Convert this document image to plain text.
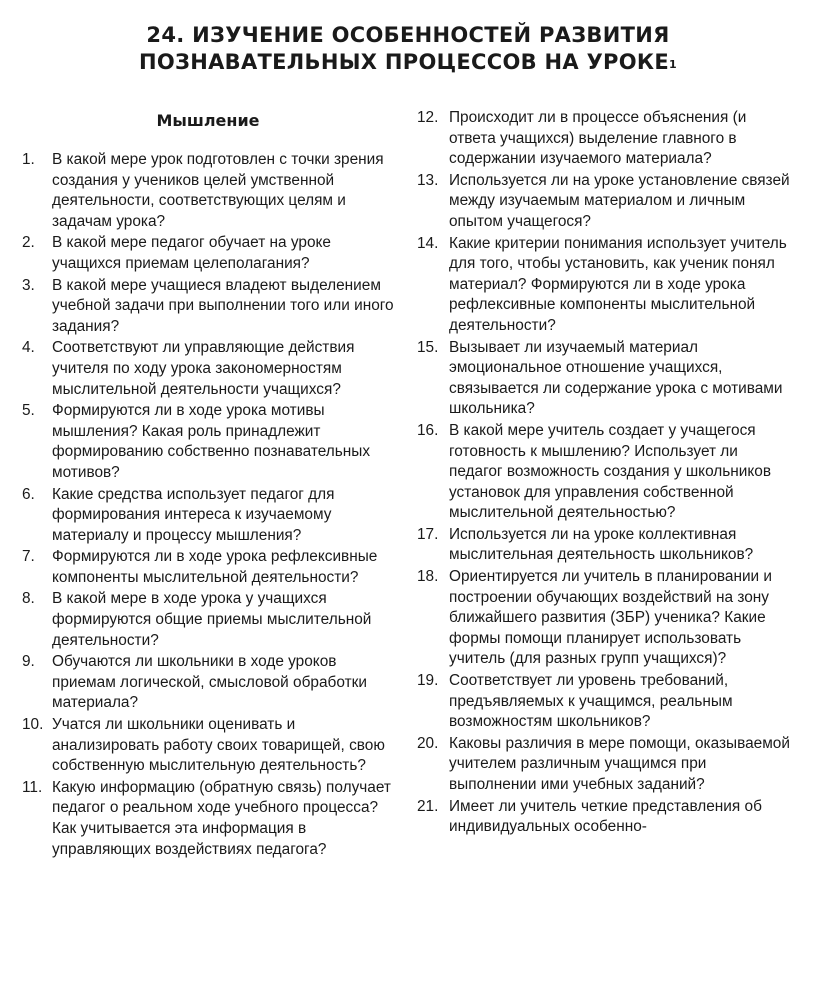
24. ИЗУЧЕНИЕ ОСОБЕННОСТЕЙ РАЗВИТИЯ
ПОЗНАВАТЕЛЬНЫХ ПРОЦЕССОВ НА УРОКЕ$^1$
Мышление
1.	В какой мере урок подготовлен с точки зрения создания у учеников целей умственной деятельности, соответствующих целям и задачам урока?
2.	В какой мере педагог обучает на уроке учащихся приемам целеполагания?
3.	В какой мере учащиеся владеют выделением учебной задачи при выполнении того или иного задания?
4.	Соответствуют ли управляющие действия учителя по ходу урока закономерностям мыслительной деятельности учащихся?
5.	Формируются ли в ходе урока мотивы мышления? Какая роль принадлежит формированию собственно познавательных мотивов?
6.	Какие средства использует педагог для формирования интереса к изучаемому материалу и процессу мышления?
7.	Формируются ли в ходе урока рефлексивные компоненты мыслительной деятельности?
8.	В какой мере в ходе урока у учащихся формируются общие приемы мыслительной деятельности?
9.	Обучаются ли школьники в ходе уроков приемам логической, смысловой обработки материала?
10. Учатся ли школьники оценивать и анализировать работу своих товарищей, свою собственную мыслительную деятельность?
11. Какую информацию (обратную связь) получает педагог о реальном ходе учебного процесса? Как учитывается эта информация в управляющих воздействиях педагога?
12. Происходит ли в процессе объяснения (и ответа учащихся) выделение главного в содержании изучаемого материала?
13. Используется ли на уроке установление связей между изучаемым материалом и личным опытом учащегося?
14. Какие критерии понимания использует учитель для того, чтобы установить, как ученик понял материал? Формируются ли в ходе урока рефлексивные компоненты мыслительной деятельности?
15. Вызывает ли изучаемый материал эмоциональное отношение учащихся, связывается ли содержание урока с мотивами школьника?
16. В какой мере учитель создает у учащегося готовность к мышлению? Использует ли педагог возможность создания у школьников установок для управления собственной мыслительной деятельностью?
17. Используется ли на уроке коллективная мыслительная деятельность школьников?
18. Ориентируется ли учитель в планировании и построении обучающих воздействий на зону ближайшего развития (ЗБР) ученика? Какие формы помощи планирует использовать учитель (для разных групп учащихся)?
19. Соответствует ли уровень требований, предъявляемых к учащимся, реальным возможностям школьников?
20. Каковы различия в мере помощи, оказываемой учителем различным учащимся при выполнении ими учебных заданий?
21. Имеет ли учитель четкие представления об индивидуальных особенно-
